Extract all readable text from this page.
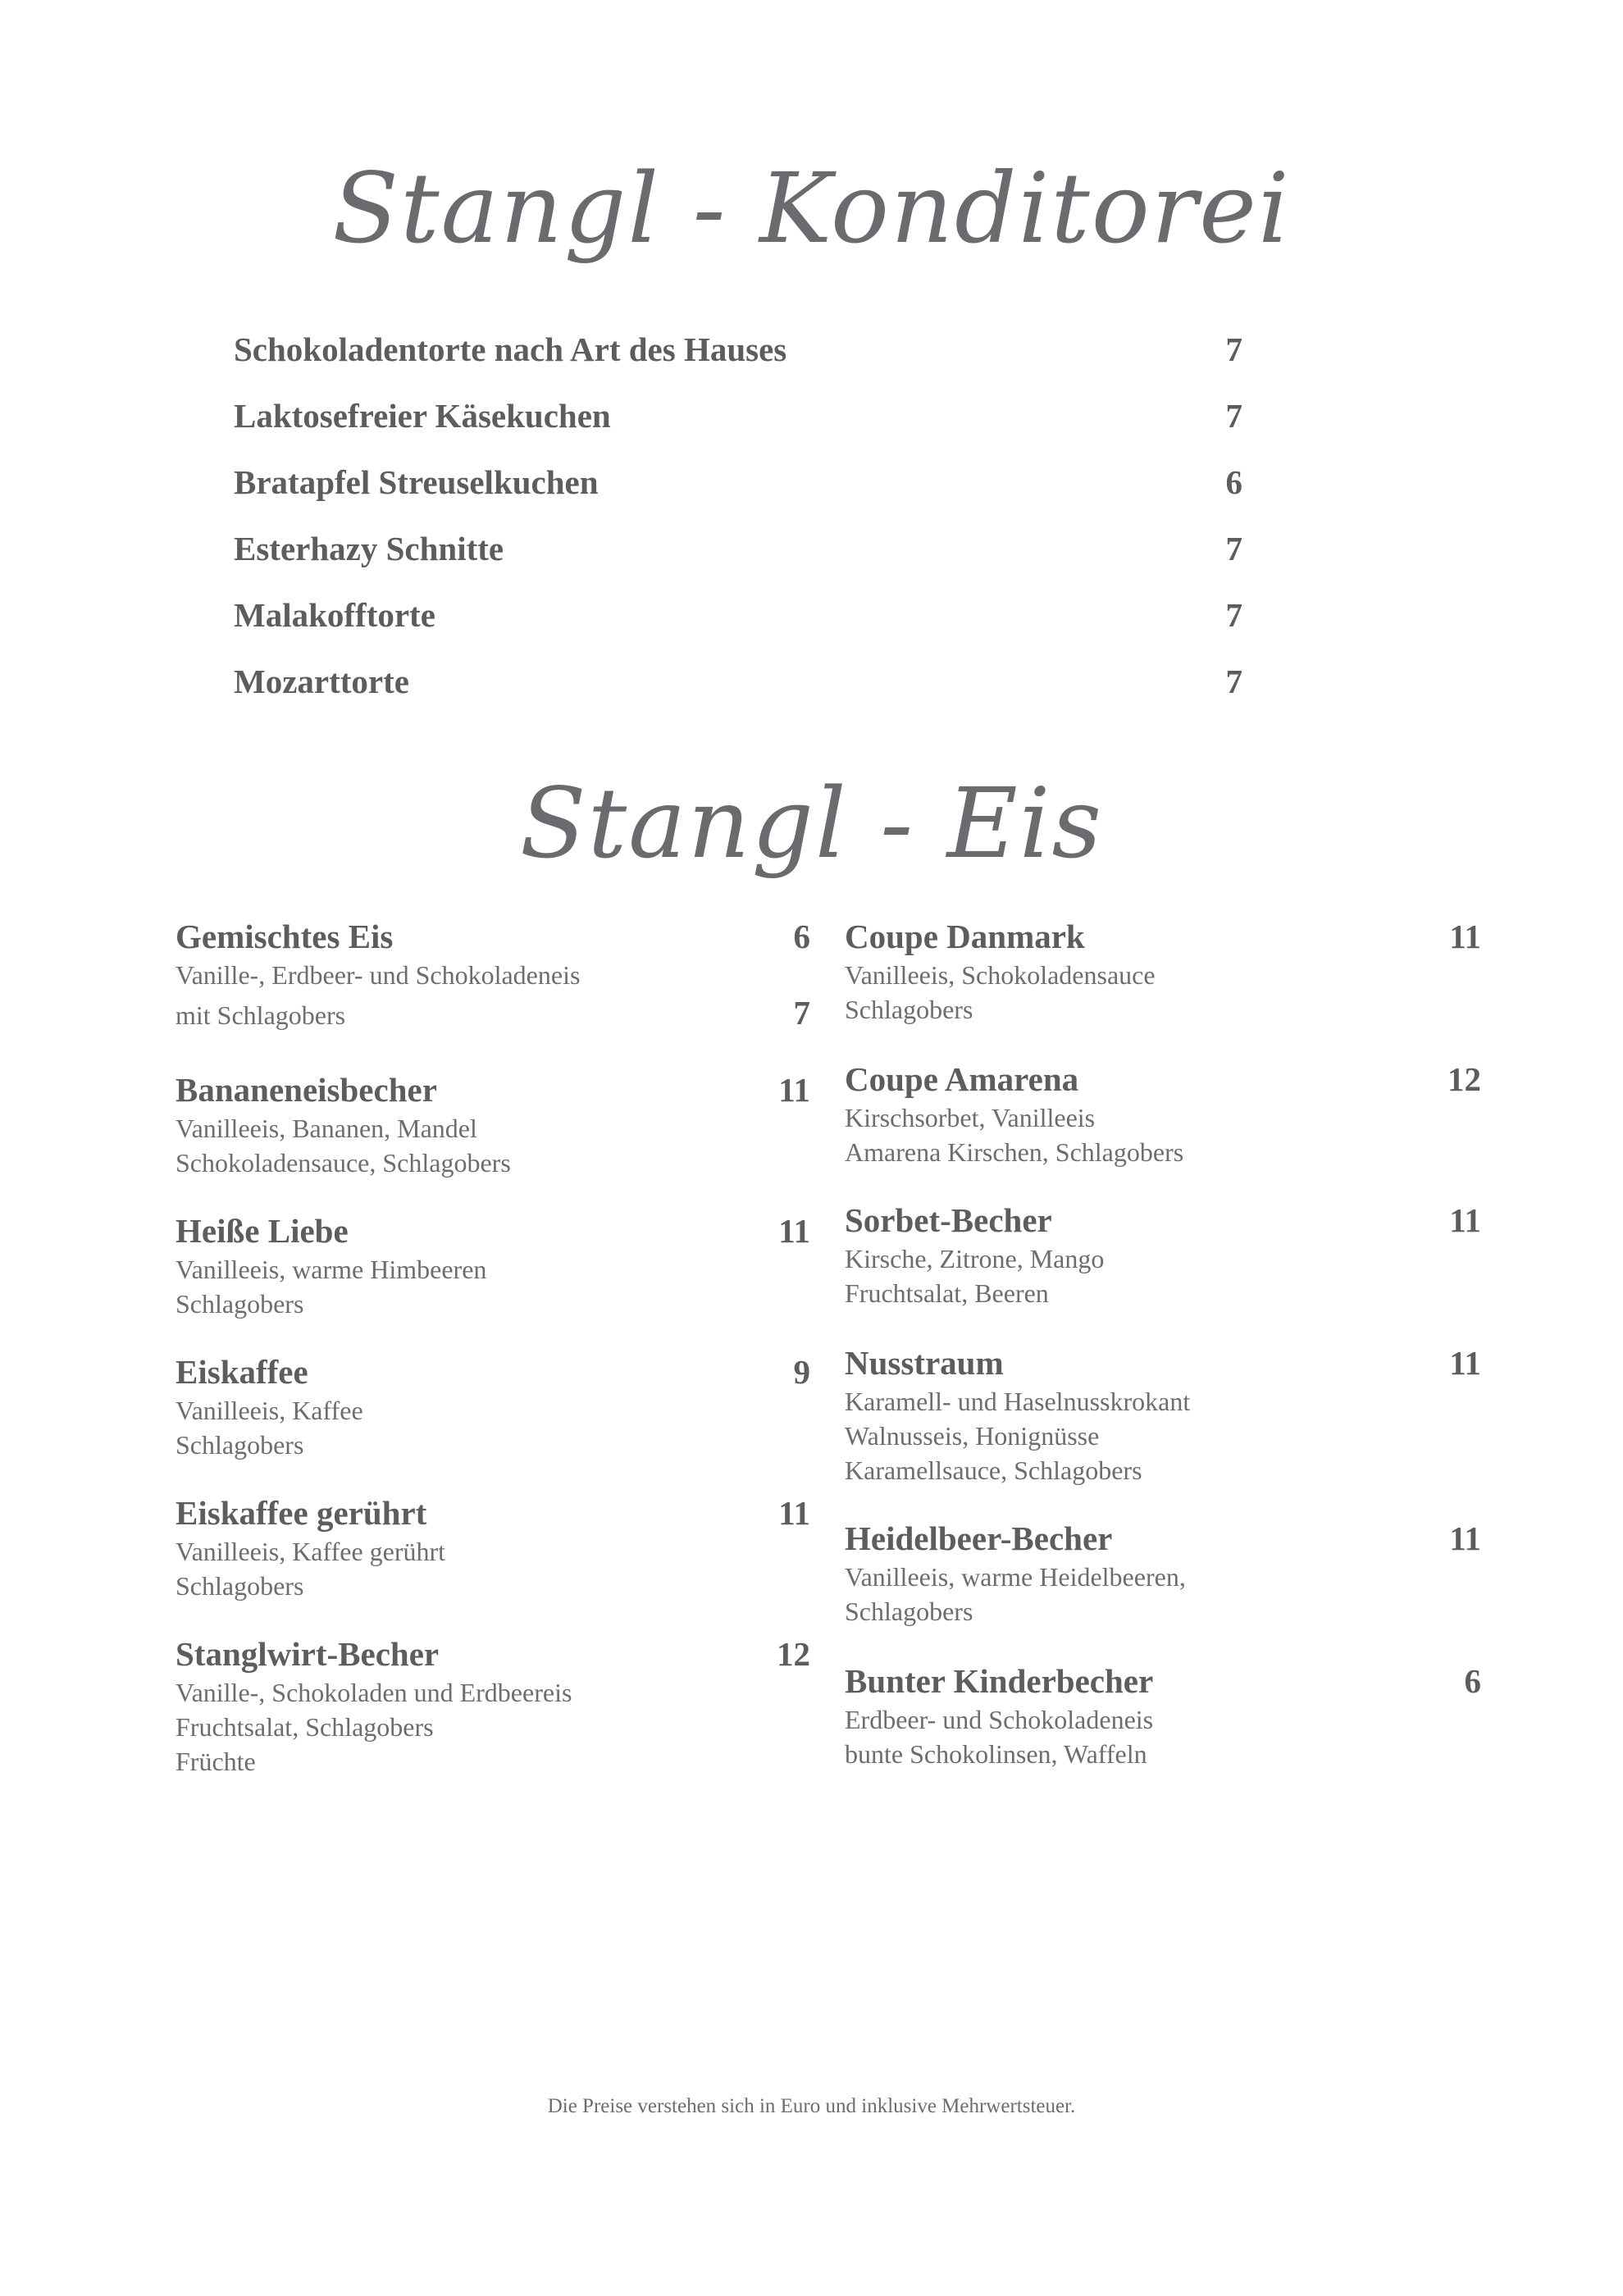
Stangl - Konditorei
Schokoladentorte nach Art des Hauses	7
Laktosefreier Käsekuchen	7
Bratapfel Streuselkuchen	6
Esterhazy Schnitte	7
Malakofftorte	7
Mozarttorte	7
Stangl - Eis
Gemischtes Eis	6
Vanille-, Erdbeer- und Schokoladeneis
mit Schlagobers	7
Bananeneisbecher	11
Vanilleeis, Bananen, Mandel
Schokoladensauce, Schlagobers
Heiße Liebe	11
Vanilleeis, warme Himbeeren
Schlagobers
Eiskaffee	9
Vanilleeis, Kaffee
Schlagobers
Eiskaffee gerührt	11
Vanilleeis, Kaffee gerührt
Schlagobers
Stanglwirt-Becher	12
Vanille-, Schokoladen und Erdbeereis
Fruchtsalat, Schlagobers
Früchte
Coupe Danmark	11
Vanilleeis, Schokoladensauce
Schlagobers
Coupe Amarena	12
Kirschsorbet, Vanilleeis
Amarena Kirschen, Schlagobers
Sorbet-Becher	11
Kirsche, Zitrone, Mango
Fruchtsalat, Beeren
Nusstraum	11
Karamell- und Haselnusskrokant
Walnusseis, Honignüsse
Karamellsauce, Schlagobers
Heidelbeer-Becher	11
Vanilleeis, warme Heidelbeeren,
Schlagobers
Bunter Kinderbecher	6
Erdbeer- und Schokoladeneis
bunte Schokolinsen, Waffeln
Die Preise verstehen sich in Euro und inklusive Mehrwertsteuer.
